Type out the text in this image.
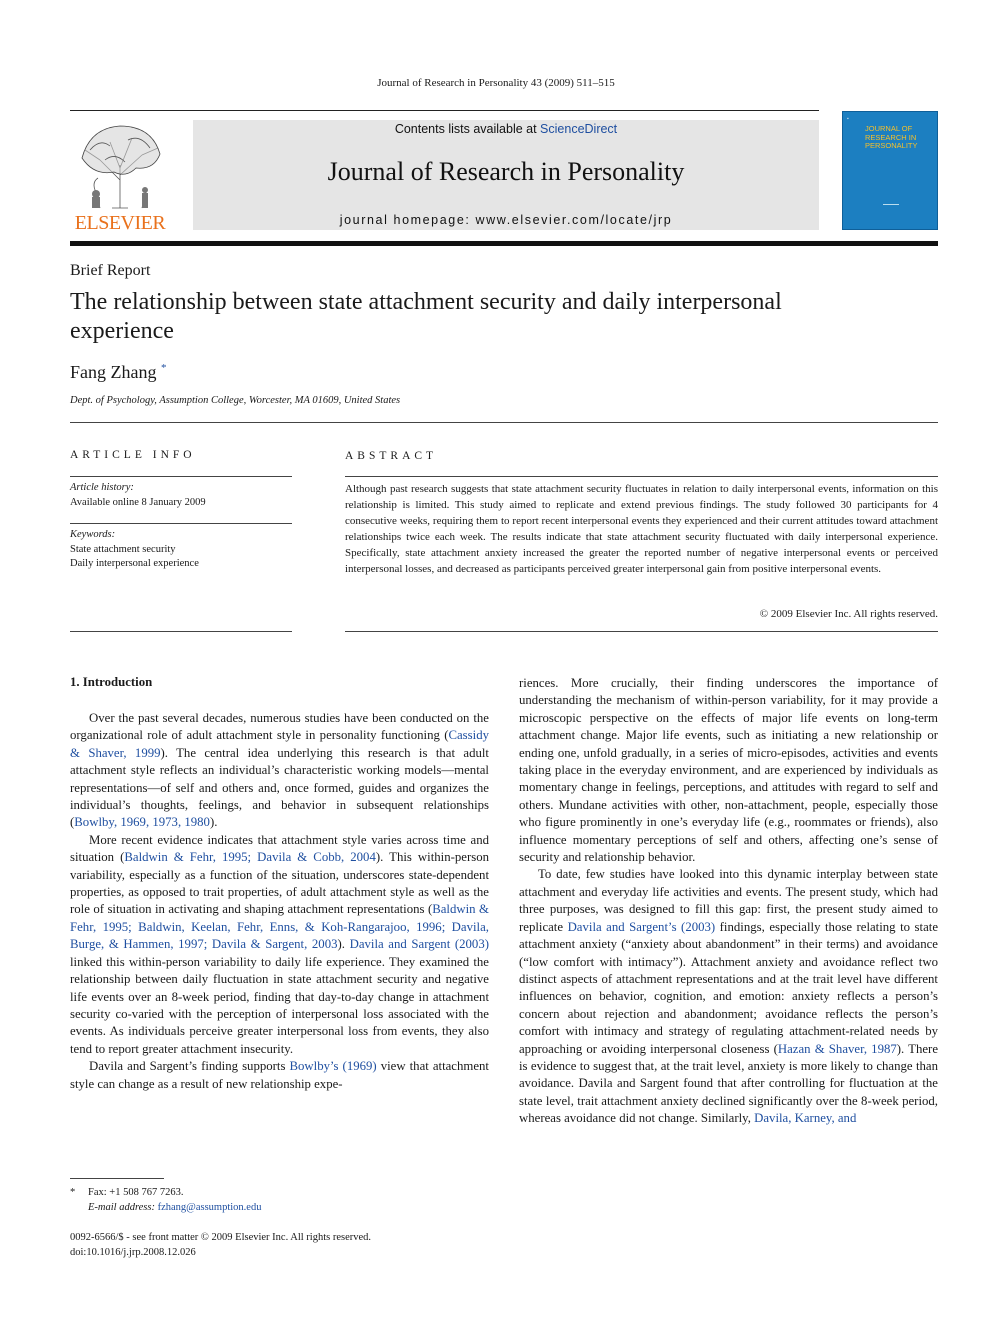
Journal of Research in Personality 43 (2009) 511–515
ELSEVIER
Contents lists available at ScienceDirect
Journal of Research in Personality
journal homepage: www.elsevier.com/locate/jrp
▪
JOURNAL OF RESEARCH IN PERSONALITY
Brief Report
The relationship between state attachment security and daily interpersonal experience
Fang Zhang *
Dept. of Psychology, Assumption College, Worcester, MA 01609, United States
ARTICLE INFO	ABSTRACT
Article history:
Available online 8 January 2009
Keywords:
State attachment security
Daily interpersonal experience
Although past research suggests that state attachment security fluctuates in relation to daily interpersonal events, information on this relationship is limited. This study aimed to replicate and extend previous findings. The study followed 30 participants for 4 consecutive weeks, requiring them to report recent interpersonal events they experienced and their current attitudes toward attachment relationships twice each week. The results indicate that state attachment security fluctuated with daily interpersonal experience. Specifically, state attachment anxiety increased the greater the reported number of negative interpersonal events or perceived interpersonal losses, and decreased as participants perceived greater interpersonal gain from positive interpersonal events.
© 2009 Elsevier Inc. All rights reserved.
1. Introduction

Over the past several decades, numerous studies have been conducted on the organizational role of adult attachment style in personality functioning (Cassidy & Shaver, 1999). The central idea underlying this research is that adult attachment style reflects an individual’s characteristic working models—mental representations—of self and others and, once formed, guides and organizes the individual’s thoughts, feelings, and behavior in subsequent relationships (Bowlby, 1969, 1973, 1980).

More recent evidence indicates that attachment style varies across time and situation (Baldwin & Fehr, 1995; Davila & Cobb, 2004). This within-person variability, especially as a function of the situation, underscores state-dependent properties, as opposed to trait properties, of adult attachment style as well as the role of situation in activating and shaping attachment representations (Baldwin & Fehr, 1995; Baldwin, Keelan, Fehr, Enns, & Koh-Rangarajoo, 1996; Davila, Burge, & Hammen, 1997; Davila & Sargent, 2003). Davila and Sargent (2003) linked this within-person variability to daily life experience. They examined the relationship between daily fluctuation in state attachment security and negative life events over an 8-week period, finding that day-to-day change in attachment security co-varied with the perception of interpersonal loss associated with the events. As individuals perceive greater interpersonal loss from events, they also tend to report greater attachment insecurity.

Davila and Sargent’s finding supports Bowlby’s (1969) view that attachment style can change as a result of new relationship expe-

riences. More crucially, their finding underscores the importance of understanding the mechanism of within-person variability, for it may provide a microscopic perspective on the effects of major life events on long-term attachment change. Major life events, such as initiating a new relationship or ending one, unfold gradually, in a series of micro-episodes, activities and events taking place in the everyday environment, and are experienced by individuals as momentary change in feelings, perceptions, and attitudes with regard to self and others. Mundane activities with other, non-attachment, people, especially those who figure prominently in one’s everyday life (e.g., roommates or friends), also influence momentary perceptions of self and others, affecting one’s sense of security and relationship behavior.

To date, few studies have looked into this dynamic interplay between state attachment and everyday life activities and events. The present study, which had three purposes, was designed to fill this gap: first, the present study aimed to replicate Davila and Sargent’s (2003) findings, especially those relating to state attachment anxiety (“anxiety about abandonment” in their terms) and avoidance (“low comfort with intimacy”). Attachment anxiety and avoidance reflect two distinct aspects of attachment representations and at the trait level have different influences on behavior, cognition, and emotion: anxiety reflects a person’s concern about rejection and abandonment; avoidance reflects the person’s comfort with intimacy and strategy of regulating attachment-related needs by approaching or avoiding interpersonal closeness (Hazan & Shaver, 1987). There is evidence to suggest that, at the trait level, anxiety is more likely to change than avoidance. Davila and Sargent found that after controlling for fluctuation at the state level, trait attachment anxiety declined significantly over the 8-week period, whereas avoidance did not change. Similarly, Davila, Karney, and

* Fax: +1 508 767 7263.
E-mail address: fzhang@assumption.edu
0092-6566/$ - see front matter © 2009 Elsevier Inc. All rights reserved.
doi:10.1016/j.jrp.2008.12.026
